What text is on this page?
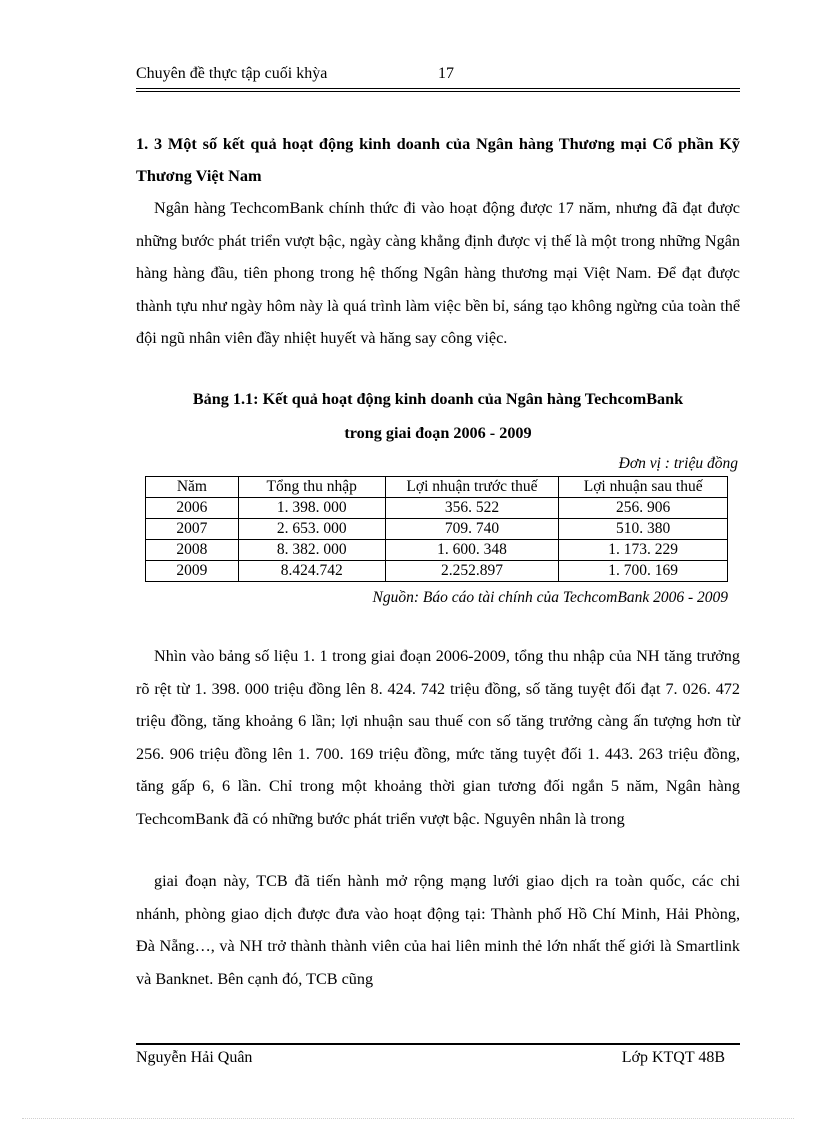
Chuyên đề thực tập cuối khỳa	17
1. 3 Một số kết quả hoạt động kinh doanh của Ngân hàng Thương mại Cổ phần Kỹ Thương Việt Nam
Ngân hàng TechcomBank chính thức đi vào hoạt động được 17 năm, nhưng đã đạt được những bước phát triển vượt bậc, ngày càng khẳng định được vị thế là một trong những Ngân hàng hàng đầu, tiên phong trong hệ thống Ngân hàng thương mại Việt Nam. Để đạt được thành tựu như ngày hôm này là quá trình làm việc bền bỉ, sáng tạo không ngừng của toàn thể đội ngũ nhân viên đầy nhiệt huyết và hăng say công việc.
Bảng 1.1: Kết quả hoạt động kinh doanh của Ngân hàng TechcomBank
trong giai đoạn 2006 - 2009
Đơn vị : triệu đồng
Năm	Tổng thu nhập	Lợi nhuận trước thuế	Lợi nhuận sau thuế
2006	1. 398. 000	356. 522	256. 906
2007	2. 653. 000	709. 740	510. 380
2008	8. 382. 000	1. 600. 348	1. 173. 229
2009	8.424.742	2.252.897	1. 700. 169
Nguồn: Báo cáo tài chính của TechcomBank 2006 - 2009
Nhìn vào bảng số liệu 1. 1 trong giai đoạn 2006-2009, tổng thu nhập của NH tăng trưởng rõ rệt từ 1. 398. 000 triệu đồng lên 8. 424. 742 triệu đồng, số tăng tuyệt đối đạt 7. 026. 472 triệu đồng, tăng khoảng 6 lần; lợi nhuận sau thuế con số tăng trưởng càng ấn tượng hơn từ 256. 906 triệu đồng lên 1. 700. 169 triệu đồng, mức tăng tuyệt đối 1. 443. 263 triệu đồng, tăng gấp 6, 6 lần. Chỉ trong một khoảng thời gian tương đối ngắn 5 năm, Ngân hàng TechcomBank đã có những bước phát triển vượt bậc. Nguyên nhân là trong
giai đoạn này, TCB đã tiến hành mở rộng mạng lưới giao dịch ra toàn quốc, các chi nhánh, phòng giao dịch được đưa vào hoạt động tại: Thành phố Hồ Chí Minh, Hải Phòng, Đà Nẵng…, và NH trở thành thành viên của hai liên minh thẻ lớn nhất thế giới là Smartlink và Banknet. Bên cạnh đó, TCB cũng
Nguyễn Hải Quân	Lớp KTQT 48B
